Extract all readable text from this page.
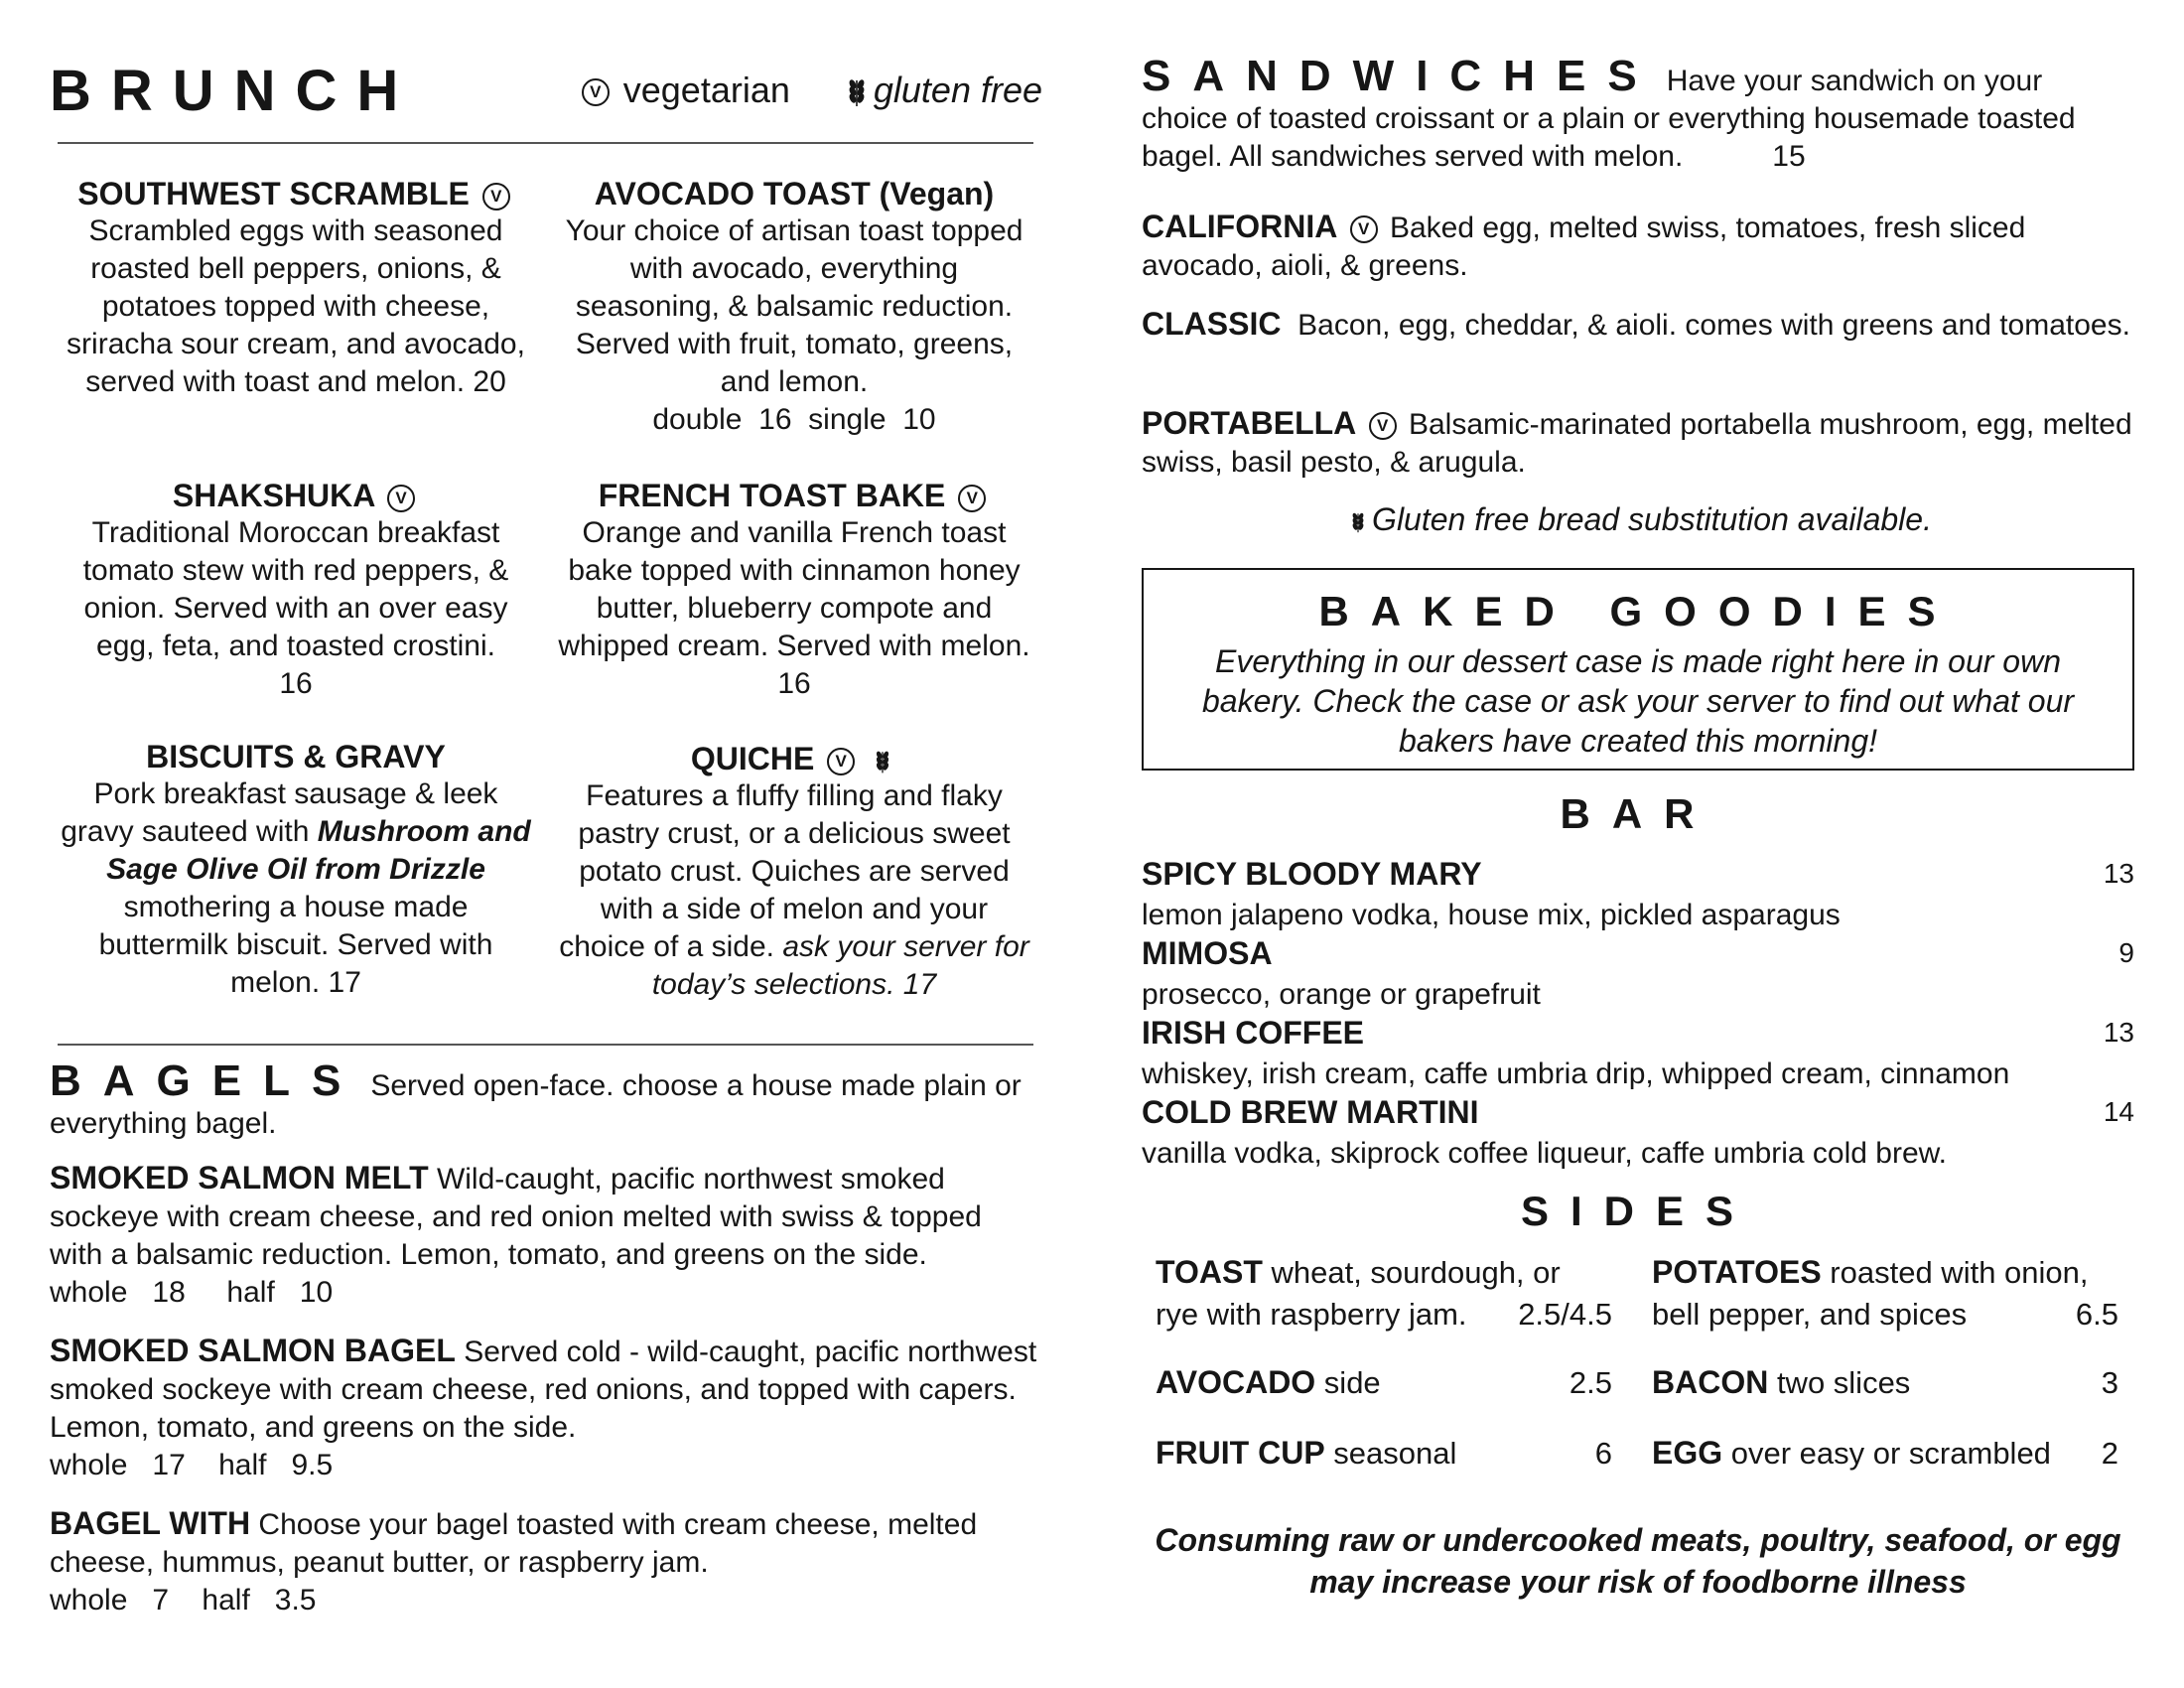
BRUNCH	V vegetarian	gluten free
SOUTHWEST SCRAMBLE V
Scrambled eggs with seasoned roasted bell peppers, onions, & potatoes topped with cheese, sriracha sour cream, and avocado, served with toast and melon. 20
AVOCADO TOAST (Vegan)
Your choice of artisan toast topped with avocado, everything seasoning, & balsamic reduction. Served with fruit, tomato, greens, and lemon.
double  16  single  10
SHAKSHUKA V
Traditional Moroccan breakfast tomato stew with red peppers, & onion. Served with an over easy egg, feta, and toasted crostini.
16
FRENCH TOAST BAKE V
Orange and vanilla French toast bake topped with cinnamon honey butter, blueberry compote and whipped cream. Served with melon. 16
BISCUITS & GRAVY
Pork breakfast sausage & leek gravy sauteed with Mushroom and Sage Olive Oil from Drizzle smothering a house made buttermilk biscuit. Served with melon. 17
QUICHE V
Features a fluffy filling and flaky pastry crust, or a delicious sweet potato crust. Quiches are served with a side of melon and your choice of a side. ask your server for today’s selections. 17
BAGELS Served open-face. choose a house made plain or everything bagel.
SMOKED SALMON MELT Wild-caught, pacific northwest smoked sockeye with cream cheese, and red onion melted with swiss & topped with a balsamic reduction. Lemon, tomato, and greens on the side. whole   18     half   10
SMOKED SALMON BAGEL Served cold - wild-caught, pacific northwest smoked sockeye with cream cheese, red onions, and topped with capers. Lemon, tomato, and greens on the side.
whole   17    half   9.5
BAGEL WITH Choose your bagel toasted with cream cheese, melted cheese, hummus, peanut butter, or raspberry jam.
whole   7    half   3.5
SANDWICHES Have your sandwich on your choice of toasted croissant or a plain or everything housemade toasted bagel. All sandwiches served with melon.	15
CALIFORNIA V Baked egg, melted swiss, tomatoes, fresh sliced avocado, aioli, & greens.
CLASSIC  Bacon, egg, cheddar, & aioli. comes with greens and tomatoes.
PORTABELLA V Balsamic-marinated portabella mushroom, egg, melted swiss, basil pesto, & arugula.
Gluten free bread substitution available.
BAKED GOODIES
Everything in our dessert case is made right here in our own bakery. Check the case or ask your server to find out what our bakers have created this morning!
BAR
SPICY BLOODY MARY	13

lemon jalapeno vodka, house mix, pickled asparagus
MIMOSA	9

prosecco, orange or grapefruit
IRISH COFFEE	13

whiskey, irish cream, caffe umbria drip, whipped cream, cinnamon
COLD BREW MARTINI	14

vanilla vodka, skiprock coffee liqueur, caffe umbria cold brew.
SIDES
TOAST wheat, sourdough, or
rye with raspberry jam. 2.5/4.5
POTATOES roasted with onion,
bell pepper, and spices	6.5
AVOCADO side	2.5 BACON two slices	3
FRUIT CUP seasonal	6 EGG over easy or scrambled 2
Consuming raw or undercooked meats, poultry, seafood, or egg may increase your risk of foodborne illness
